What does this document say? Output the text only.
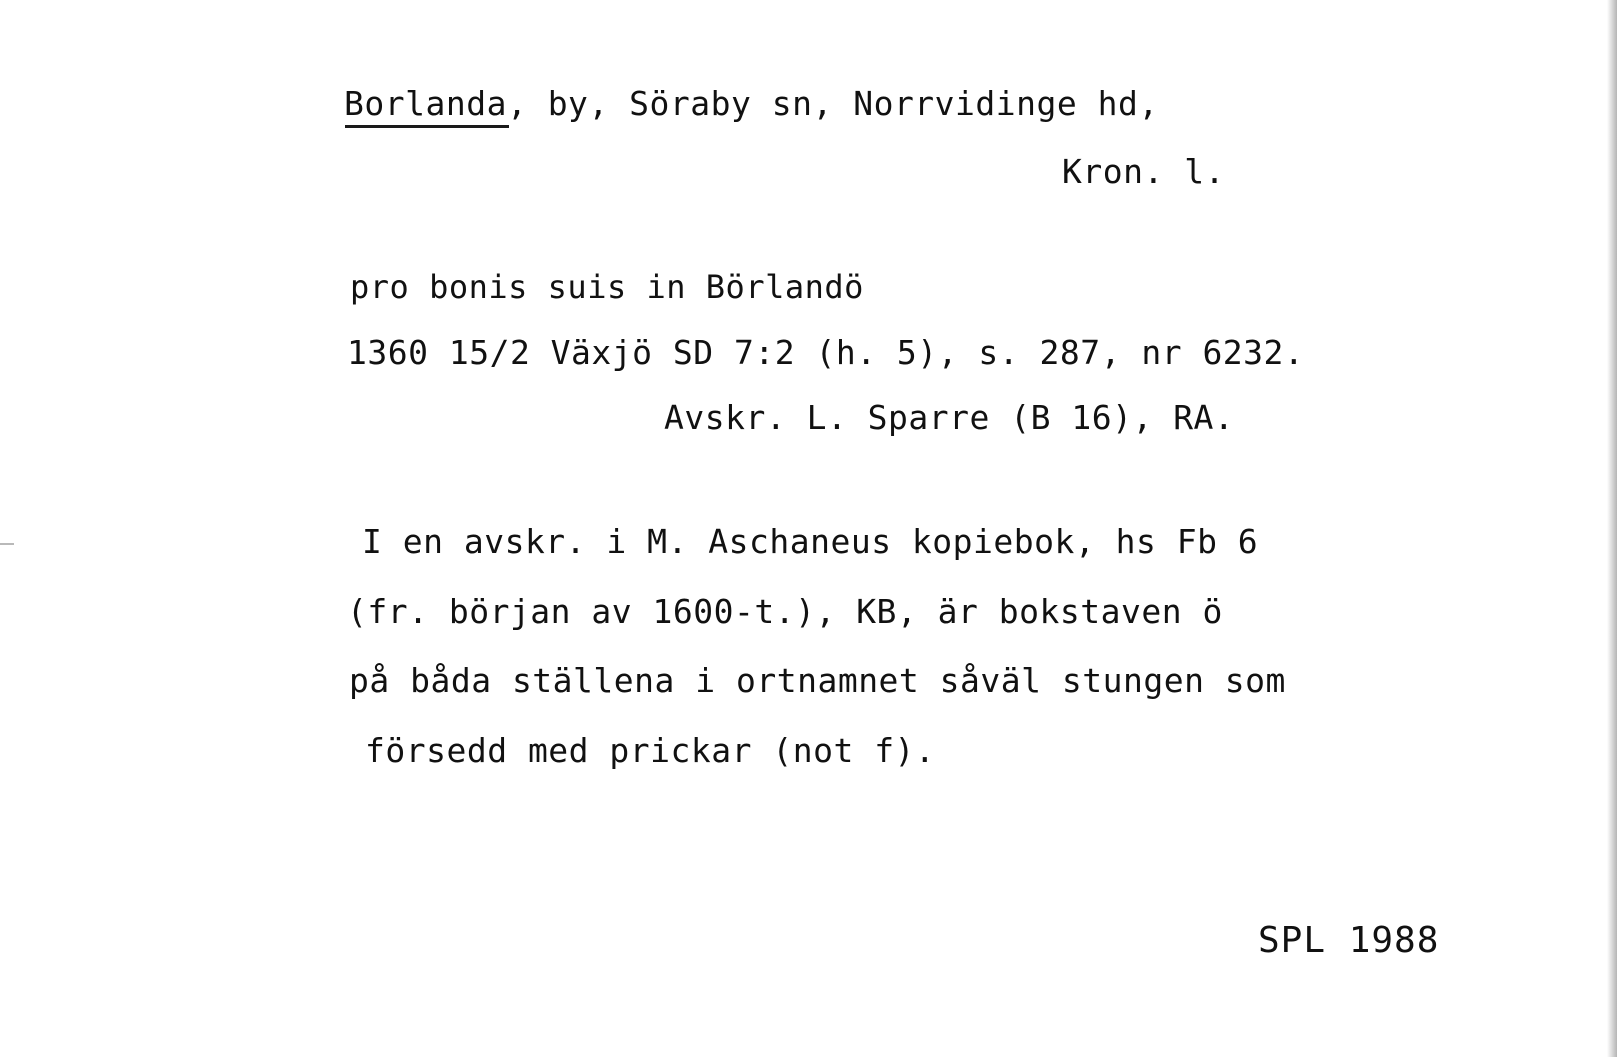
Borlanda, by, Söraby sn, Norrvidinge hd,
Kron. l.
pro bonis suis in Börlandö
1360 15/2 Växjö SD 7:2 (h. 5), s. 287, nr 6232.
Avskr. L. Sparre (B 16), RA.
I en avskr. i M. Aschaneus kopiebok, hs Fb 6
(fr. början av 1600-t.), KB, är bokstaven ö
på båda ställena i ortnamnet såväl stungen som
försedd med prickar (not f).
SPL 1988
